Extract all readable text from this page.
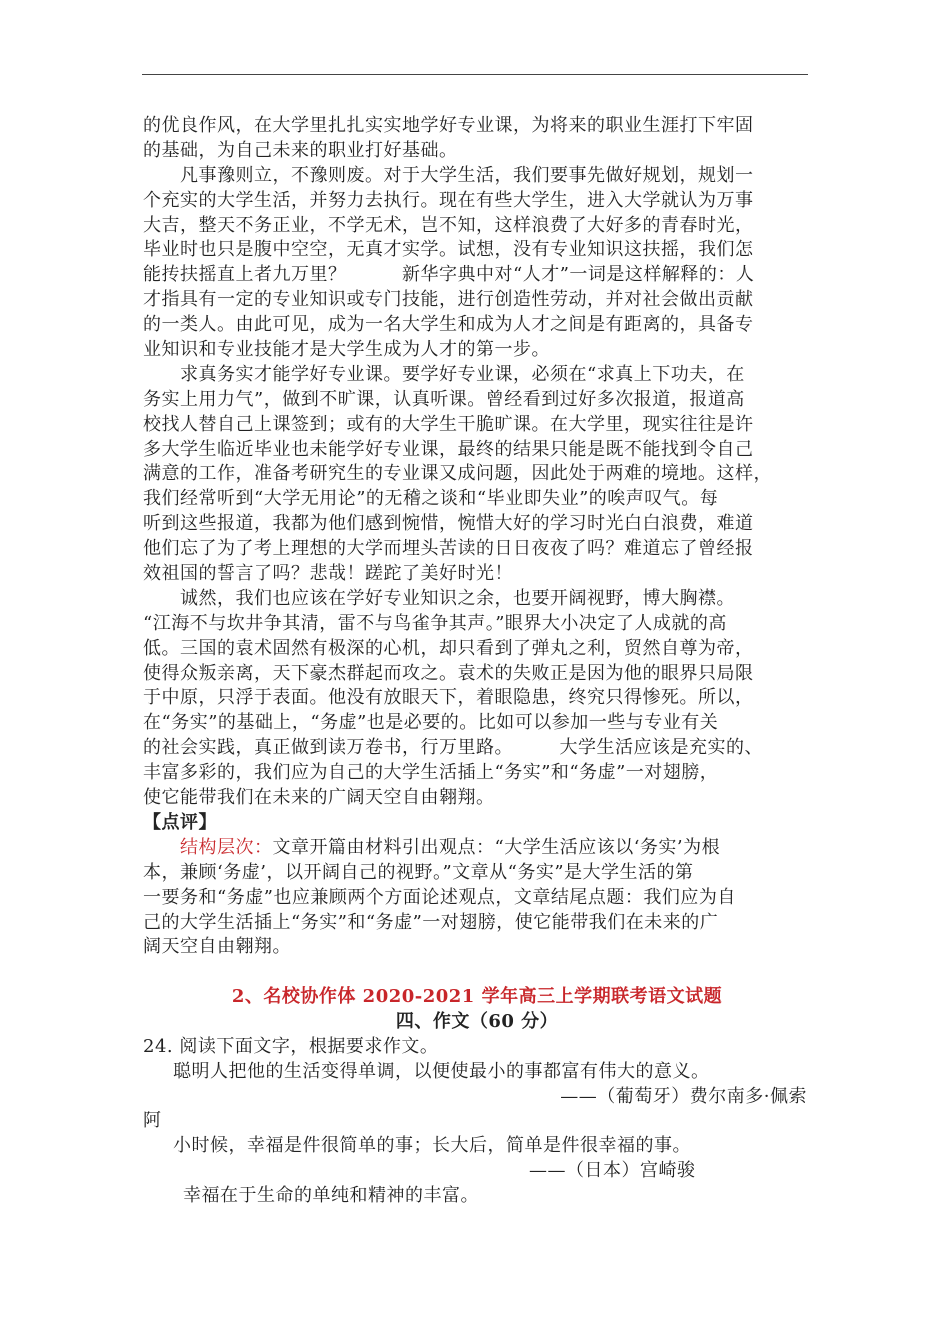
的优良作风，在大学里扎扎实实地学好专业课，为将来的职业生涯打下牢固
的基础，为自己未来的职业打好基础。
　　凡事豫则立，不豫则废。对于大学生活，我们要事先做好规划，规划一
个充实的大学生活，并努力去执行。现在有些大学生，进入大学就认为万事
大吉，整天不务正业，不学无术，岂不知，这样浪费了大好多的青春时光，
毕业时也只是腹中空空，无真才实学。试想，没有专业知识这扶摇，我们怎
能抟扶摇直上者九万里？　　　新华字典中对“人才”一词是这样解释的：人
才指具有一定的专业知识或专门技能，进行创造性劳动，并对社会做出贡献
的一类人。由此可见，成为一名大学生和成为人才之间是有距离的，具备专
业知识和专业技能才是大学生成为人才的第一步。
　　求真务实才能学好专业课。要学好专业课，必须在“求真上下功夫，在
务实上用力气”，做到不旷课，认真听课。曾经看到过好多次报道，报道高
校找人替自己上课签到；或有的大学生干脆旷课。在大学里，现实往往是许
多大学生临近毕业也未能学好专业课，最终的结果只能是既不能找到令自己
满意的工作，准备考研究生的专业课又成问题，因此处于两难的境地。这样，
我们经常听到“大学无用论”的无稽之谈和“毕业即失业”的唉声叹气。每
听到这些报道，我都为他们感到惋惜，惋惜大好的学习时光白白浪费，难道
他们忘了为了考上理想的大学而埋头苦读的日日夜夜了吗？难道忘了曾经报
效祖国的誓言了吗？悲哉！蹉跎了美好时光！
　　诚然，我们也应该在学好专业知识之余，也要开阔视野，博大胸襟。
“江海不与坎井争其清，雷不与鸟雀争其声。”眼界大小决定了人成就的高
低。三国的袁术固然有极深的心机，却只看到了弹丸之利，贸然自尊为帝，
使得众叛亲离，天下豪杰群起而攻之。袁术的失败正是因为他的眼界只局限
于中原，只浮于表面。他没有放眼天下，着眼隐患，终究只得惨死。所以，
在“务实”的基础上，“务虚”也是必要的。比如可以参加一些与专业有关
的社会实践，真正做到读万卷书，行万里路。　　　大学生活应该是充实的、
丰富多彩的，我们应为自己的大学生活插上“务实”和“务虚”一对翅膀，
使它能带我们在未来的广阔天空自由翱翔。
【点评】
　　结构层次：文章开篇由材料引出观点：“大学生活应该以‘务实’为根
本，兼顾‘务虚’，以开阔自己的视野。”文章从“务实”是大学生活的第
一要务和“务虚”也应兼顾两个方面论述观点，文章结尾点题：我们应为自
己的大学生活插上“务实”和“务虚”一对翅膀，使它能带我们在未来的广
阔天空自由翱翔。
2、名校协作体 2020-2021 学年高三上学期联考语文试题
四、作文（60 分）
24. 阅读下面文字，根据要求作文。
聪明人把他的生活变得单调，以便使最小的事都富有伟大的意义。
——（葡萄牙）费尔南多·佩索
阿
小时候，幸福是件很简单的事；长大后，简单是件很幸福的事。
——（日本）宫崎骏
幸福在于生命的单纯和精神的丰富。
